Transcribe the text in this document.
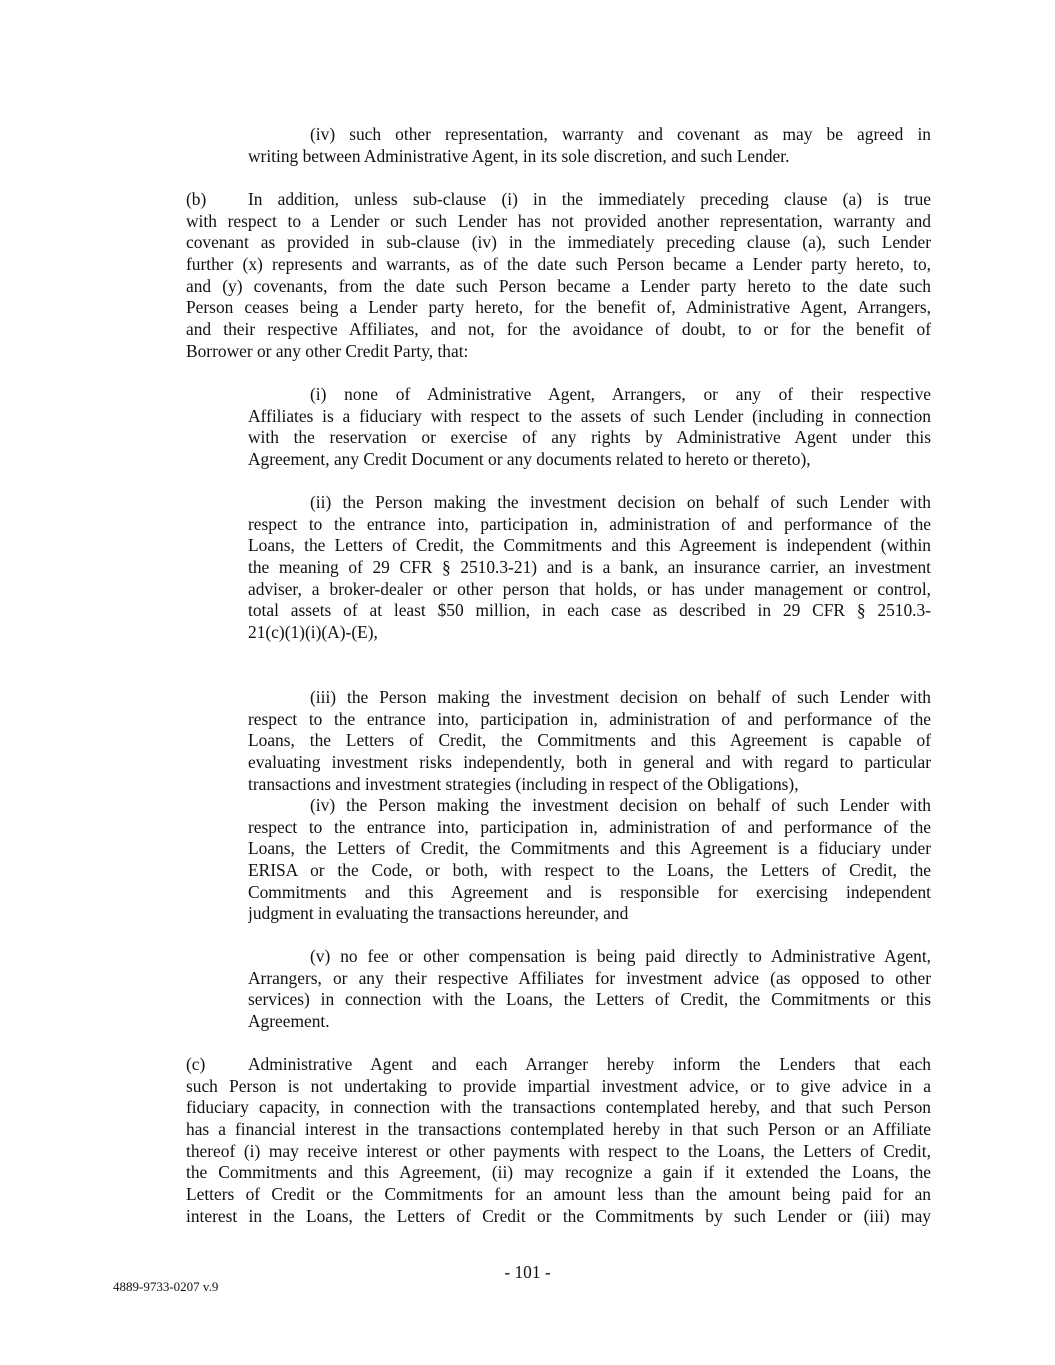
(iv) such other representation, warranty and covenant as may be agreed in
writing between Administrative Agent, in its sole discretion, and such Lender.
(b) In addition, unless sub-clause (i) in the immediately preceding clause (a) is true
with respect to a Lender or such Lender has not provided another representation, warranty and
covenant as provided in sub-clause (iv) in the immediately preceding clause (a), such Lender
further (x) represents and warrants, as of the date such Person became a Lender party hereto, to,
and (y) covenants, from the date such Person became a Lender party hereto to the date such
Person ceases being a Lender party hereto, for the benefit of, Administrative Agent, Arrangers,
and their respective Affiliates, and not, for the avoidance of doubt, to or for the benefit of
Borrower or any other Credit Party, that:
(i) none of Administrative Agent, Arrangers, or any of their respective
Affiliates is a fiduciary with respect to the assets of such Lender (including in connection
with the reservation or exercise of any rights by Administrative Agent under this
Agreement, any Credit Document or any documents related to hereto or thereto),
(ii) the Person making the investment decision on behalf of such Lender with
respect to the entrance into, participation in, administration of and performance of the
Loans, the Letters of Credit, the Commitments and this Agreement is independent (within
the meaning of 29 CFR § 2510.3-21) and is a bank, an insurance carrier, an investment
adviser, a broker-dealer or other person that holds, or has under management or control,
total assets of at least $50 million, in each case as described in 29 CFR § 2510.3-
21(c)(1)(i)(A)-(E),
(iii) the Person making the investment decision on behalf of such Lender with
respect to the entrance into, participation in, administration of and performance of the
Loans, the Letters of Credit, the Commitments and this Agreement is capable of
evaluating investment risks independently, both in general and with regard to particular
transactions and investment strategies (including in respect of the Obligations),
(iv) the Person making the investment decision on behalf of such Lender with
respect to the entrance into, participation in, administration of and performance of the
Loans, the Letters of Credit, the Commitments and this Agreement is a fiduciary under
ERISA or the Code, or both, with respect to the Loans, the Letters of Credit, the
Commitments and this Agreement and is responsible for exercising independent
judgment in evaluating the transactions hereunder, and
(v) no fee or other compensation is being paid directly to Administrative Agent,
Arrangers, or any their respective Affiliates for investment advice (as opposed to other
services) in connection with the Loans, the Letters of Credit, the Commitments or this
Agreement.
(c) Administrative Agent and each Arranger hereby inform the Lenders that each
such Person is not undertaking to provide impartial investment advice, or to give advice in a
fiduciary capacity, in connection with the transactions contemplated hereby, and that such Person
has a financial interest in the transactions contemplated hereby in that such Person or an Affiliate
thereof (i) may receive interest or other payments with respect to the Loans, the Letters of Credit,
the Commitments and this Agreement, (ii) may recognize a gain if it extended the Loans, the
Letters of Credit or the Commitments for an amount less than the amount being paid for an
interest in the Loans, the Letters of Credit or the Commitments by such Lender or (iii) may
- 101 -
4889-9733-0207 v.9
